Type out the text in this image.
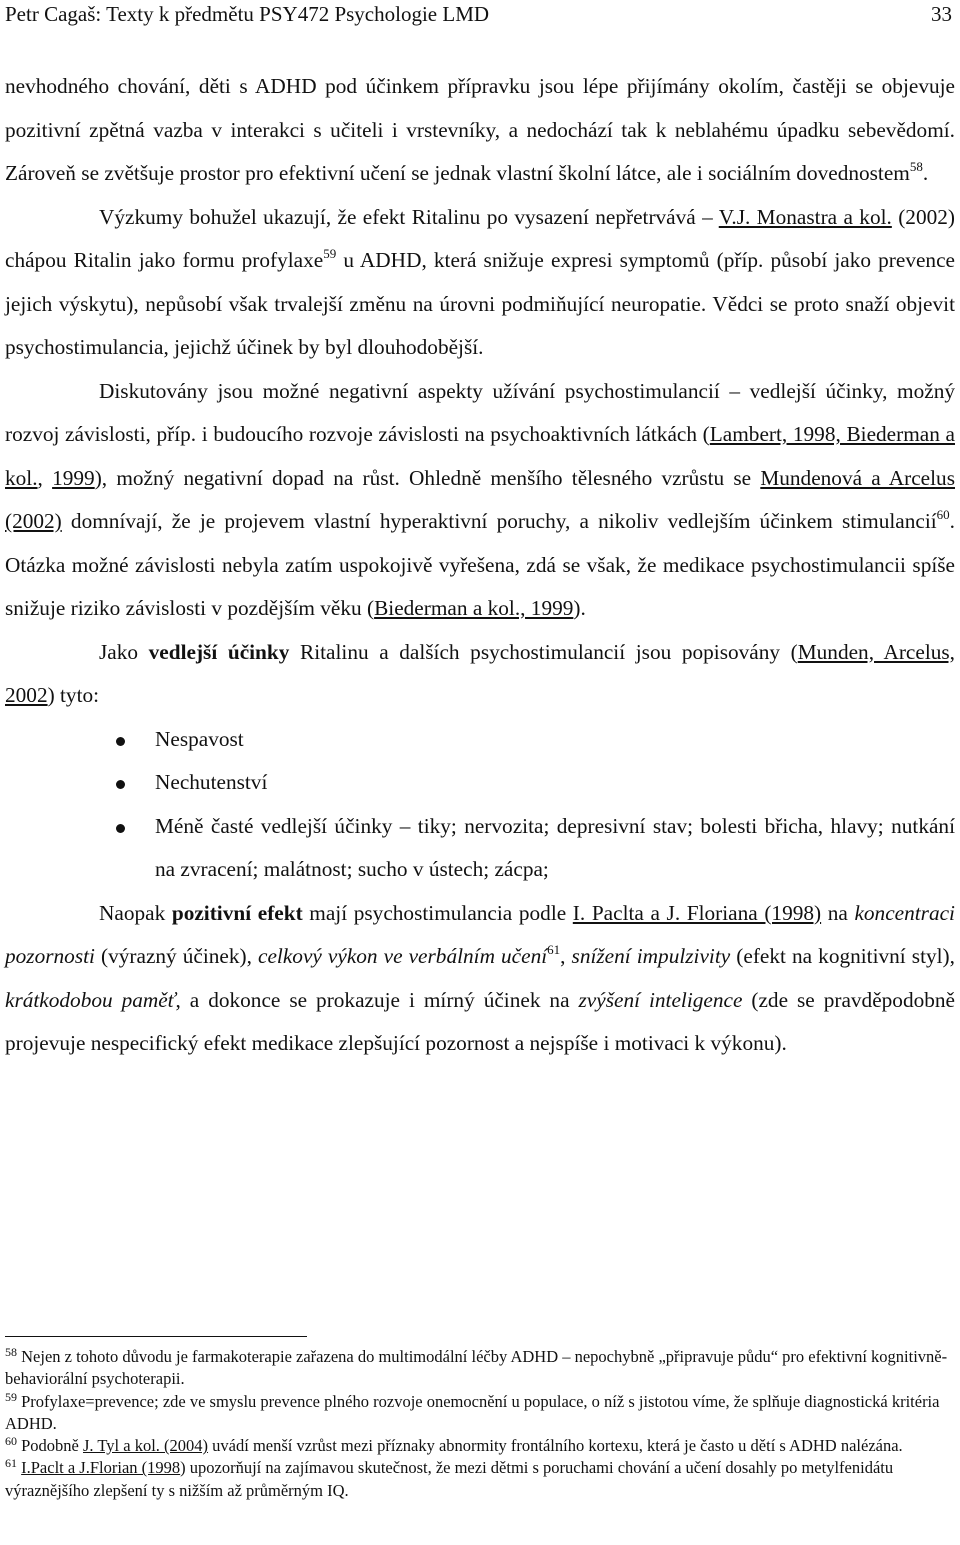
Petr Cagaš: Texty k předmětu PSY472 Psychologie LMD	33

nevhodného chování, děti s ADHD pod účinkem přípravku jsou lépe přijímány okolím, častěji se objevuje pozitivní zpětná vazba v interakci s učiteli i vrstevníky, a nedochází tak k neblahému úpadku sebevědomí. Zároveň se zvětšuje prostor pro efektivní učení se jednak vlastní školní látce, ale i sociálním dovednostem$^{58}$.

Výzkumy bohužel ukazují, že efekt Ritalinu po vysazení nepřetrvává – V.J. Monastra a kol. (2002) chápou Ritalin jako formu profylaxe$^{59}$ u ADHD, která snižuje expresi symptomů (příp. působí jako prevence jejich výskytu), nepůsobí však trvalejší změnu na úrovni podmiňující neuropatie. Vědci se proto snaží objevit psychostimulancia, jejichž účinek by byl dlouhodobější.

Diskutovány jsou možné negativní aspekty užívání psychostimulancií – vedlejší účinky, možný rozvoj závislosti, příp. i budoucího rozvoje závislosti na psychoaktivních látkách (Lambert, 1998, Biederman a kol., 1999), možný negativní dopad na růst. Ohledně menšího tělesného vzrůstu se Mundenová a Arcelus (2002) domnívají, že je projevem vlastní hyperaktivní poruchy, a nikoliv vedlejším účinkem stimulancií$^{60}$. Otázka možné závislosti nebyla zatím uspokojivě vyřešena, zdá se však, že medikace psychostimulancii spíše snižuje riziko závislosti v pozdějším věku (Biederman a kol., 1999).

Jako vedlejší účinky Ritalinu a dalších psychostimulancií jsou popisovány (Munden, Arcelus, 2002) tyto:

Nespavost
Nechutenství
Méně časté vedlejší účinky – tiky; nervozita; depresivní stav; bolesti břicha, hlavy; nutkání na zvracení; malátnost; sucho v ústech; zácpa;

Naopak pozitivní efekt mají psychostimulancia podle I. Paclta a J. Floriana (1998) na koncentraci pozornosti (výrazný účinek), celkový výkon ve verbálním učení$^{61}$, snížení impulzivity (efekt na kognitivní styl), krátkodobou paměť, a dokonce se prokazuje i mírný účinek na zvýšení inteligence (zde se pravděpodobně projevuje nespecifický efekt medikace zlepšující pozornost a nejspíše i motivaci k výkonu).

$^{58}$ Nejen z tohoto důvodu je farmakoterapie zařazena do multimodální léčby ADHD – nepochybně „připravuje půdu“ pro efektivní kognitivně-behaviorální psychoterapii.

$^{59}$ Profylaxe=prevence; zde ve smyslu prevence plného rozvoje onemocnění u populace, o níž s jistotou víme, že splňuje diagnostická kritéria ADHD.

$^{60}$ Podobně J. Tyl a kol. (2004) uvádí menší vzrůst mezi příznaky abnormity frontálního kortexu, která je často u dětí s ADHD nalézána.

$^{61}$ I.Paclt a J.Florian (1998) upozorňují na zajímavou skutečnost, že mezi dětmi s poruchami chování a učení dosahly po metylfenidátu výraznějšího zlepšení ty s nižším až průměrným IQ.
